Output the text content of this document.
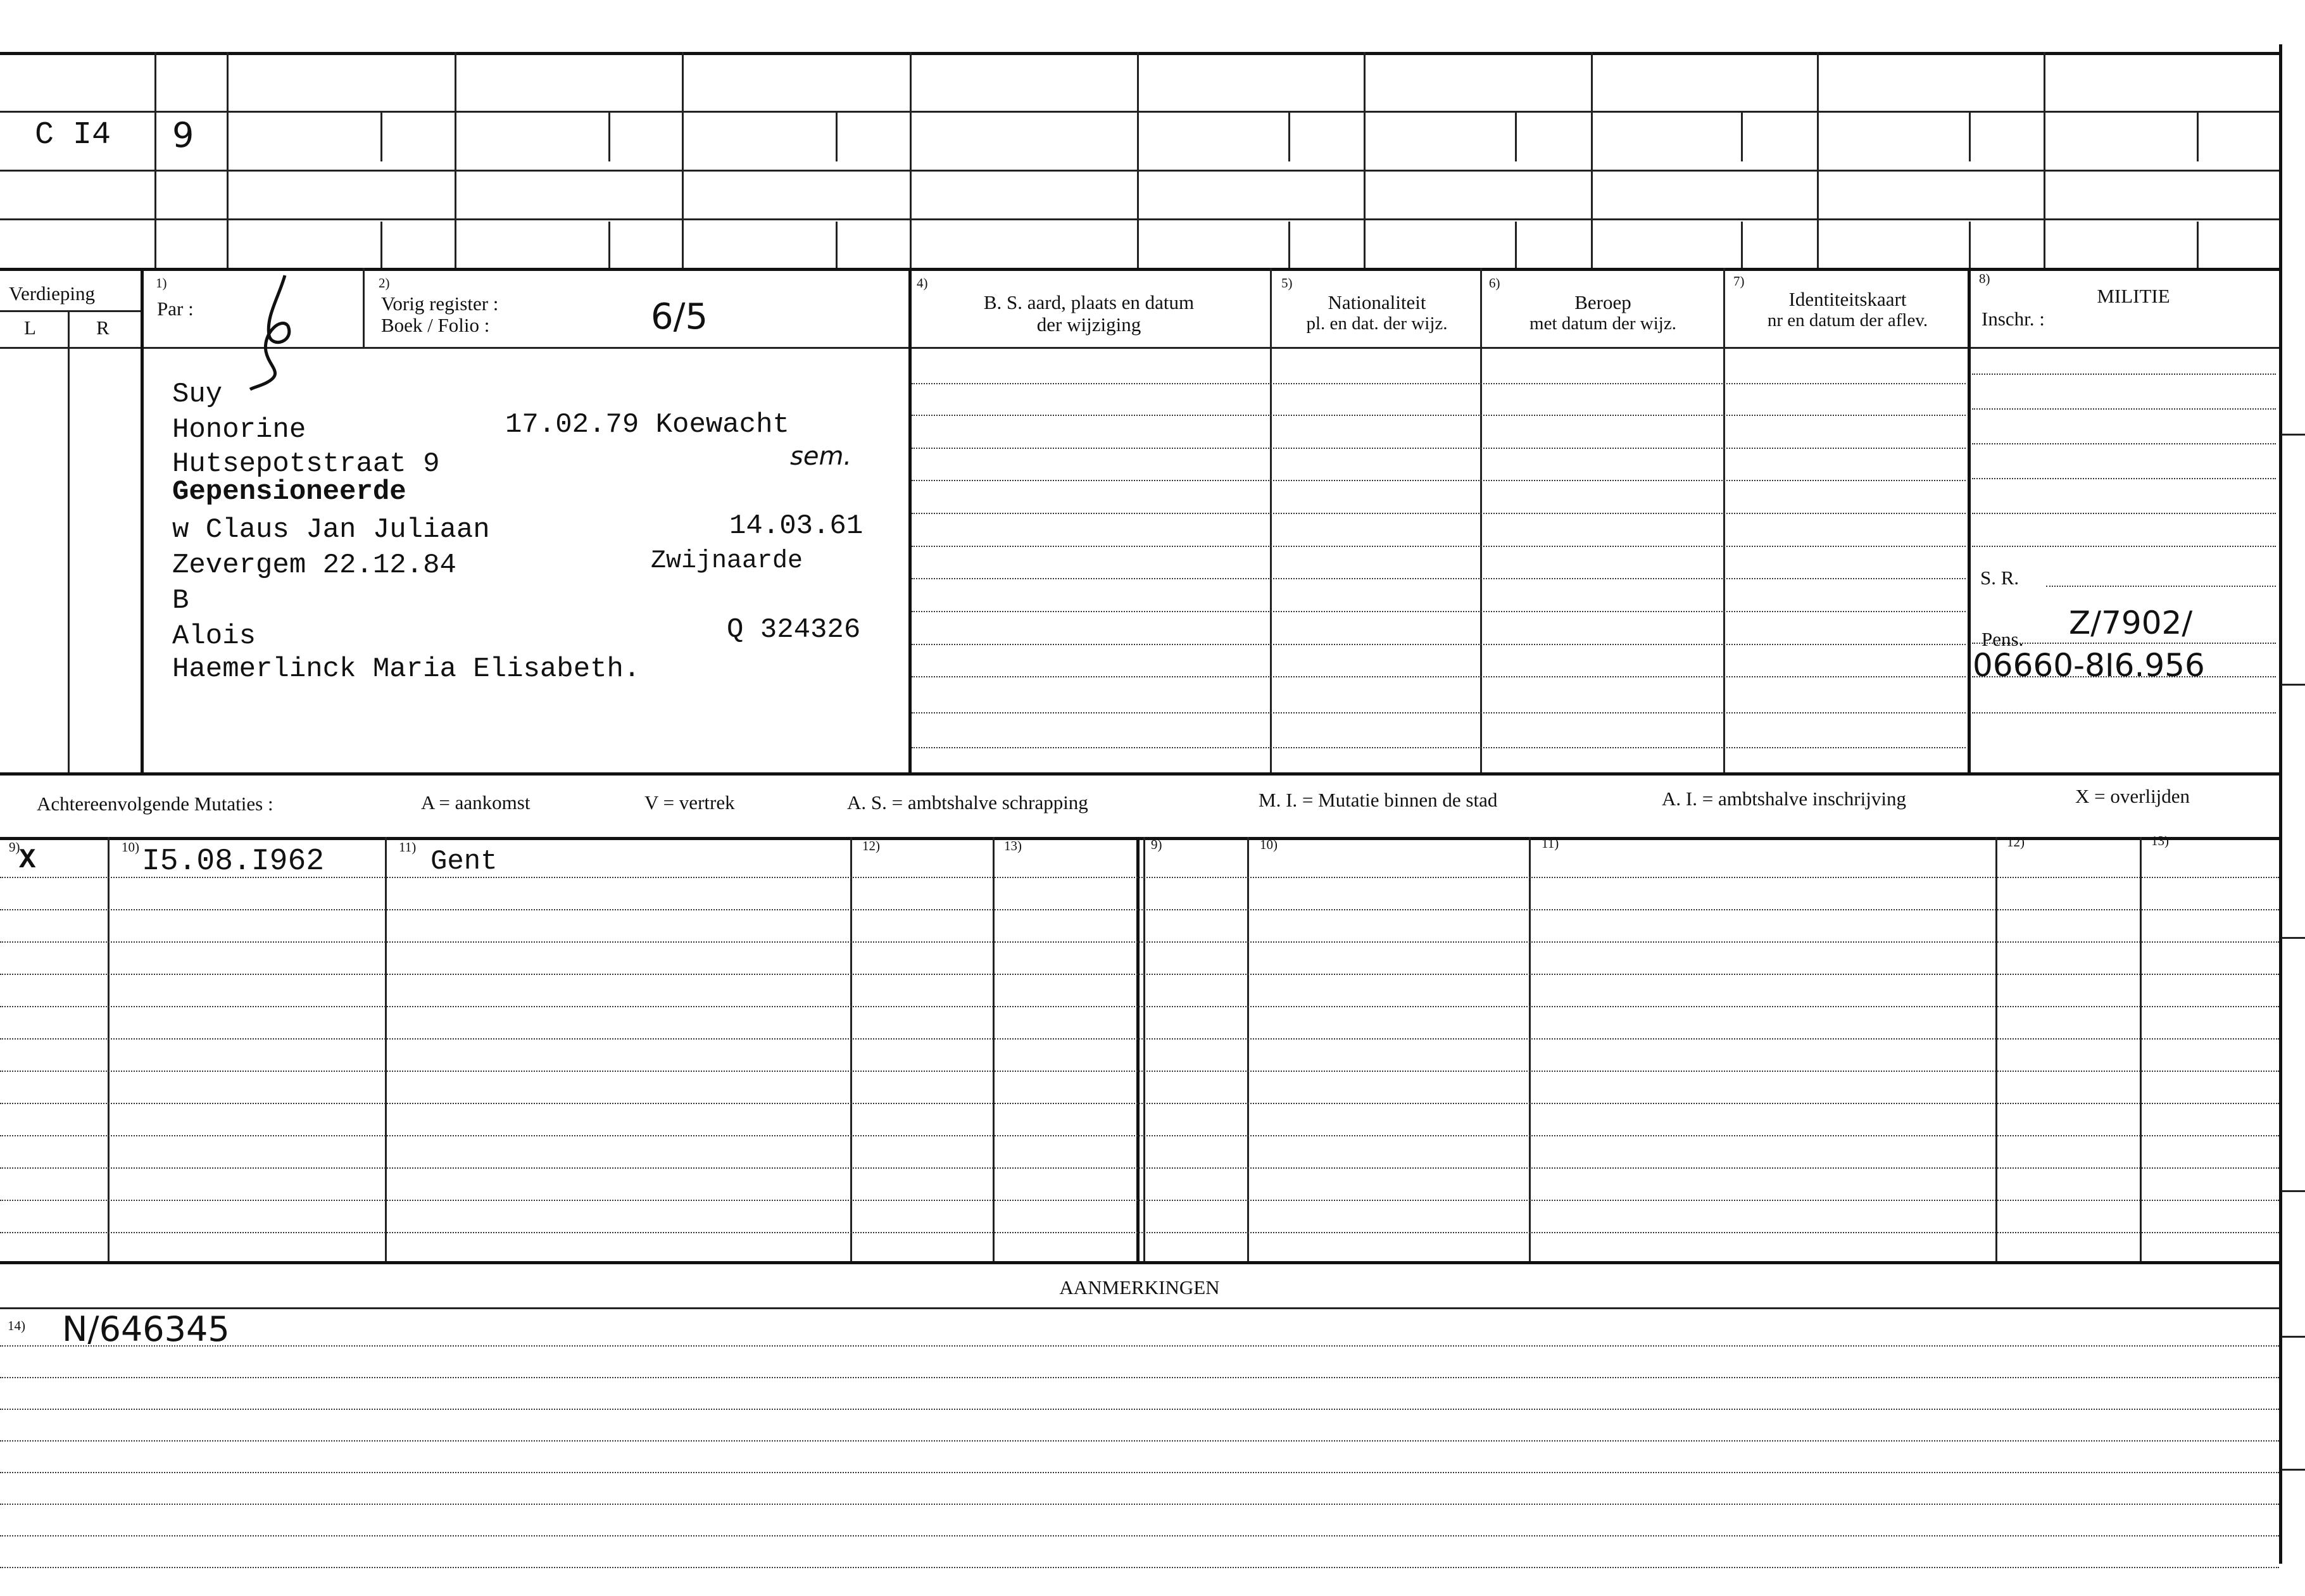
C I4 9
Verdieping
L	R
1)
Par :
2)
Vorig register :
Boek / Folio :	6/5
4)
B. S. aard, plaats en datum
der wijziging
5)
Nationaliteit
pl. en dat. der wijz.
6)
Beroep
met datum der wijz.
7)
Identiteitskaart
nr en datum der aflev.
8)
MILITIE
Inschr. :
Suy
Honorine	17.02.79 Koewacht
Hutsepotstraat 9	sem.
Gepensioneerde
w Claus Jan Juliaan	14.03.61
Zevergem 22.12.84	Zwijnaarde
B
Alois	Q 324326
Haemerlinck Maria Elisabeth.
S. R.
Pens. Z/7902/
06660-8I6.956
Achtereenvolgende Mutaties :	A = aankomst	V = vertrek	A. S. = ambtshalve schrapping	M. I. = Mutatie binnen de stad	A. I. = ambtshalve inschrijving	X = overlijden
9)	10)	11)	12)	13)	9)	10)	11)	12)	13)
X	I5.08.I962	Gent
AANMERKINGEN
14) N/646345
